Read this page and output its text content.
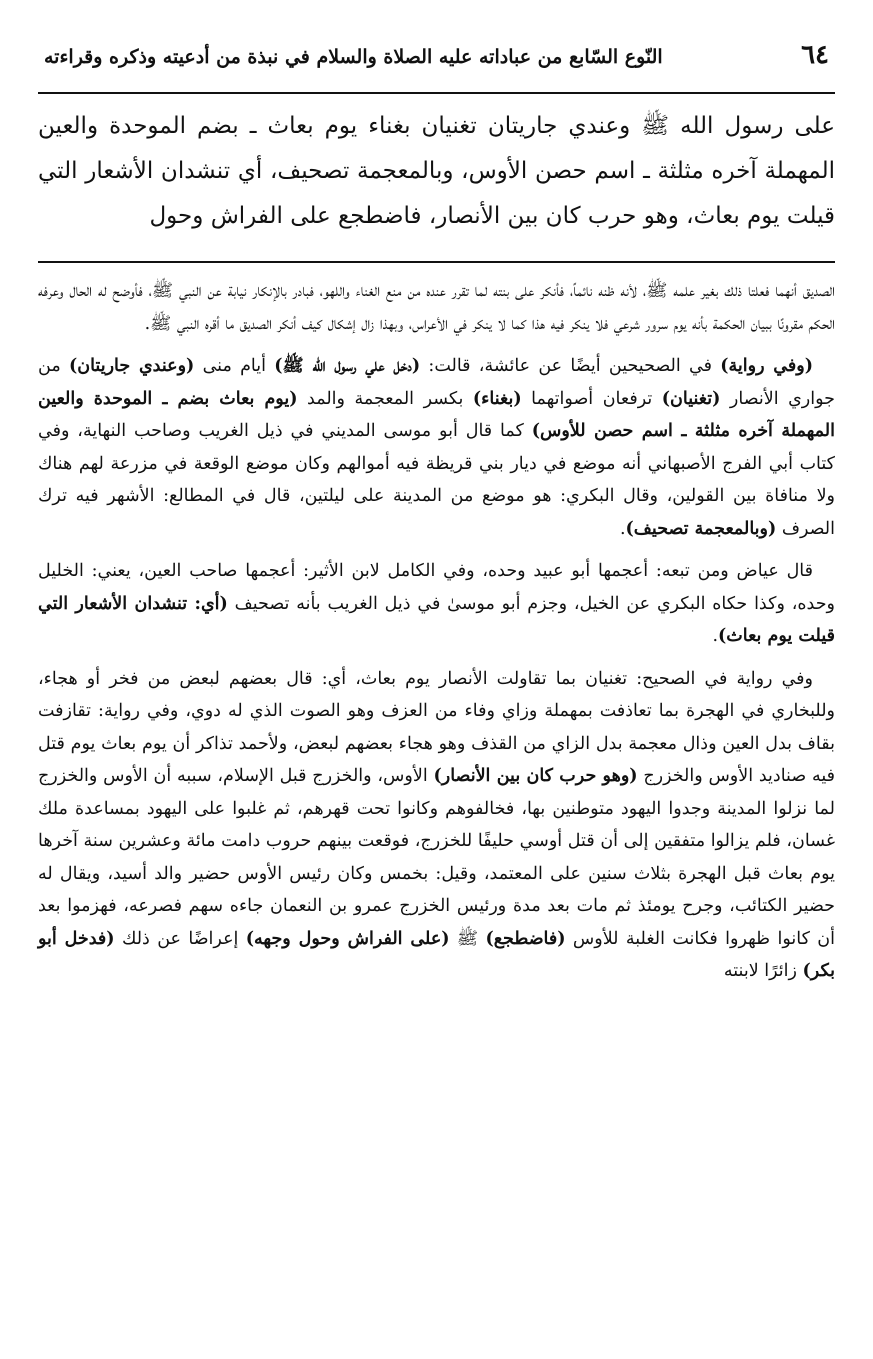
٦٤
النّوع السّابع من عباداته عليه الصلاة والسلام في نبذة من أدعيته وذكره وقراءته

على رسول الله ﷺ وعندي جاريتان تغنيان بغناء يوم بعاث ـ بضم الموحدة والعين المهملة آخره مثلثة ـ اسم حصن الأوس، وبالمعجمة تصحيف، أي تنشدان الأشعار التي قيلت يوم بعاث، وهو حرب كان بين الأنصار، فاضطجع على الفراش وحول

الصديق أنهما فعلتا ذلك بغير علمه ﷺ، لأنه ظنه نائماً، فأنكر على بنته لما تقرر عنده من منع الغناء واللهو، فبادر بالإنكار نيابة عن النبي ﷺ، فأوضح له الحال وعرفه الحكم مقرونًا ببيان الحكمة بأنه يوم سرور شرعي فلا ينكر فيه هذا كما لا ينكر في الأعراس، وبهذا زال إشكال كيف أنكر الصديق ما أقره النبي ﷺ.

(وفي رواية) في الصحيحين أيضًا عن عائشة، قالت: (دخل علي رسول الله ﷺ) أيام منى (وعندي جاريتان) من جواري الأنصار (تغنيان) ترفعان أصواتهما (بغناء) بكسر المعجمة والمد (يوم بعاث بضم ـ الموحدة والعين المهملة آخره مثلثة ـ اسم حصن للأوس) كما قال أبو موسى المديني في ذيل الغريب وصاحب النهاية، وفي كتاب أبي الفرج الأصبهاني أنه موضع في ديار بني قريظة فيه أموالهم وكان موضع الوقعة في مزرعة لهم هناك ولا منافاة بين القولين، وقال البكري: هو موضع من المدينة على ليلتين، قال في المطالع: الأشهر فيه ترك الصرف (وبالمعجمة تصحيف).

قال عياض ومن تبعه: أعجمها أبو عبيد وحده، وفي الكامل لابن الأثير: أعجمها صاحب العين، يعني: الخليل وحده، وكذا حكاه البكري عن الخيل، وجزم أبو موسىٰ في ذيل الغريب بأنه تصحيف (أي: تنشدان الأشعار التي قيلت يوم بعاث).

وفي رواية في الصحيح: تغنيان بما تقاولت الأنصار يوم بعاث، أي: قال بعضهم لبعض من فخر أو هجاء، وللبخاري في الهجرة بما تعاذفت بمهملة وزاي وفاء من العزف وهو الصوت الذي له دوي، وفي رواية: تقازفت بقاف بدل العين وذال معجمة بدل الزاي من القذف وهو هجاء بعضهم لبعض، ولأحمد تذاكر أن يوم بعاث يوم قتل فيه صناديد الأوس والخزرج (وهو حرب كان بين الأنصار) الأوس، والخزرج قبل الإسلام، سببه أن الأوس والخزرج لما نزلوا المدينة وجدوا اليهود متوطنين بها، فخالفوهم وكانوا تحت قهرهم، ثم غلبوا على اليهود بمساعدة ملك غسان، فلم يزالوا متفقين إلى أن قتل أوسي حليفًا للخزرج، فوقعت بينهم حروب دامت مائة وعشرين سنة آخرها يوم بعاث قبل الهجرة بثلاث سنين على المعتمد، وقيل: بخمس وكان رئيس الأوس حضير والد أسيد، ويقال له حضير الكتائب، وجرح يومئذ ثم مات بعد مدة ورئيس الخزرج عمرو بن النعمان جاءه سهم فصرعه، فهزموا بعد أن كانوا ظهروا فكانت الغلبة للأوس (فاضطجع) ﷺ (على الفراش وحول وجهه) إعراضًا عن ذلك (فدخل أبو بكر) زائرًا لابنته
